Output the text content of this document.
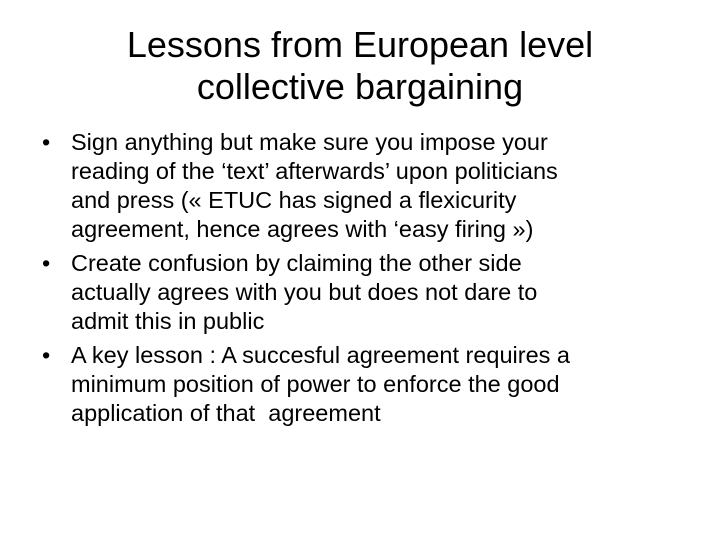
Lessons from European level
collective bargaining
• Sign anything but make sure you impose your
reading of the ‘text’ afterwards’ upon politicians
and press (« ETUC has signed a flexicurity
agreement, hence agrees with ‘easy firing »)
• Create confusion by claiming the other side
actually agrees with you but does not dare to
admit this in public
• A key lesson : A succesful agreement requires a
minimum position of power to enforce the good
application of that  agreement
